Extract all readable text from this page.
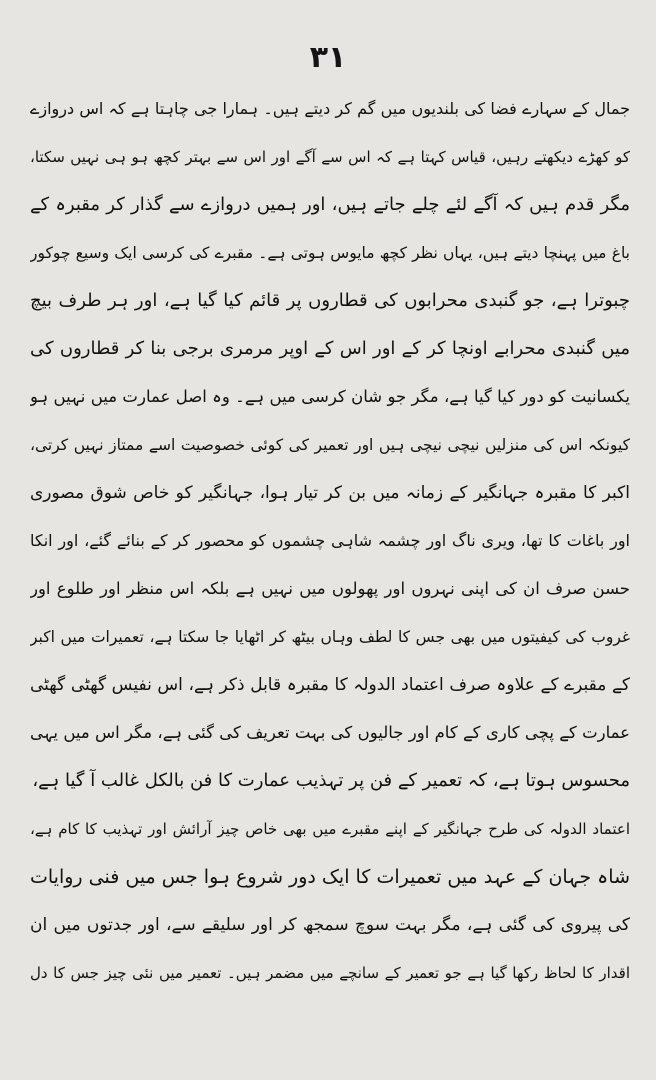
۳۱
جمال کے سہارے فضا کی بلندیوں میں گم کر دیتے ہیں۔ ہمارا جی چاہتا ہے کہ اس دروازے
کو کھڑے دیکھتے رہیں، قیاس کہتا ہے کہ اس سے آگے اور اس سے بہتر کچھ ہو ہی نہیں سکتا،
مگر قدم ہیں کہ آگے لئے چلے جاتے ہیں، اور ہمیں دروازے سے گذار کر مقبرہ کے
باغ میں پہنچا دیتے ہیں، یہاں نظر کچھ مایوس ہوتی ہے۔ مقبرے کی کرسی ایک وسیع چوکور
چبوترا ہے، جو گنبدی محرابوں کی قطاروں پر قائم کیا گیا ہے، اور ہر طرف بیچ
میں گنبدی محرابے اونچا کر کے اور اس کے اوپر مرمری برجی بنا کر قطاروں کی
یکسانیت کو دور کیا گیا ہے، مگر جو شان کرسی میں ہے۔ وہ اصل عمارت میں نہیں ہو
کیونکہ اس کی منزلیں نیچی نیچی ہیں اور تعمیر کی کوئی خصوصیت اسے ممتاز نہیں کرتی،
اکبر کا مقبرہ جہانگیر کے زمانہ میں بن کر تیار ہوا، جہانگیر کو خاص شوق مصوری
اور باغات کا تھا، ویری ناگ اور چشمہ شاہی چشموں کو محصور کر کے بنائے گئے، اور انکا
حسن صرف ان کی اپنی نہروں اور پھولوں میں نہیں ہے بلکہ اس منظر اور طلوع اور
غروب کی کیفیتوں میں بھی جس کا لطف وہاں بیٹھ کر اٹھایا جا سکتا ہے، تعمیرات میں اکبر
کے مقبرے کے علاوہ صرف اعتماد الدولہ کا مقبرہ قابل ذکر ہے، اس نفیس گھٹی گھٹی
عمارت کے پچی کاری کے کام اور جالیوں کی بہت تعریف کی گئی ہے، مگر اس میں یہی
محسوس ہوتا ہے، کہ تعمیر کے فن پر تہذیب عمارت کا فن بالکل غالب آ گیا ہے،
اعتماد الدولہ کی طرح جہانگیر کے اپنے مقبرے میں بھی خاص چیز آرائش اور تہذیب کا کام ہے،
شاہ جہان کے عہد میں تعمیرات کا ایک دور شروع ہوا جس میں فنی روایات
کی پیروی کی گئی ہے، مگر بہت سوچ سمجھ کر اور سلیقے سے، اور جدتوں میں ان
اقدار کا لحاظ رکھا گیا ہے جو تعمیر کے سانچے میں مضمر ہیں۔ تعمیر میں نئی چیز جس کا دل
